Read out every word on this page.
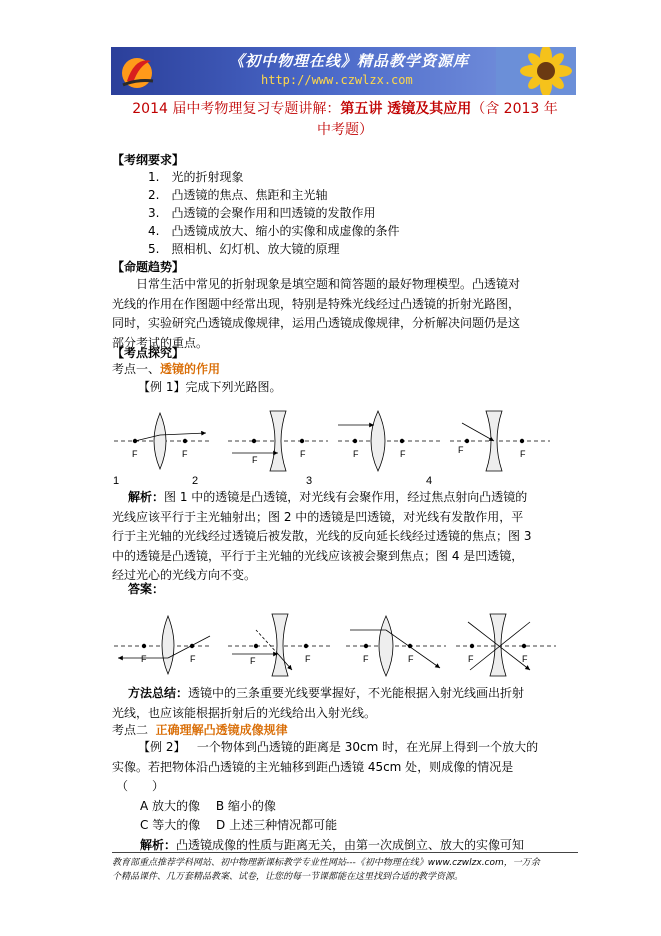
《初中物理在线》精品教学资源库
http://www.czwlzx.com
2014 届中考物理复习专题讲解：第五讲 透镜及其应用（含 2013 年
中考题）
【考纲要求】
1.　光的折射现象
2.　凸透镜的焦点、焦距和主光轴
3.　凸透镜的会聚作用和凹透镜的发散作用
4.　凸透镜成放大、缩小的实像和成虚像的条件
5.　照相机、幻灯机、放大镜的原理
【命题趋势】
日常生活中常见的折射现象是填空题和简答题的最好物理模型。凸透镜对
光线的作用在作图题中经常出现，特别是特殊光线经过凸透镜的折射光路图，
同时，实验研究凸透镜成像规律，运用凸透镜成像规律，分析解决问题仍是这
部分考试的重点。
【考点探究】
考点一、透镜的作用
【例 1】完成下列光路图。
F	F
F
F	F	F	F	F
1	2	3	4
解析：图 1 中的透镜是凸透镜，对光线有会聚作用，经过焦点射向凸透镜的
光线应该平行于主光轴射出；图 2 中的透镜是凹透镜，对光线有发散作用，平
行于主光轴的光线经过透镜后被发散，光线的反向延长线经过透镜的焦点；图 3
中的透镜是凸透镜，平行于主光轴的光线应该被会聚到焦点；图 4 是凹透镜，
经过光心的光线方向不变。
答案：
F	F	F	F	F	F	F	F
方法总结：透镜中的三条重要光线要掌握好，不光能根据入射光线画出折射
光线，也应该能根据折射后的光线给出入射光线。
考点二 正确理解凸透镜成像规律
【例 2】 一个物体到凸透镜的距离是 30cm 时，在光屏上得到一个放大的
实像。若把物体沿凸透镜的主光轴移到距凸透镜 45cm 处，则成像的情况是
（　　）
A 放大的像　 B 缩小的像
C 等大的像　 D 上述三种情况都可能
解析：凸透镜成像的性质与距离无关，由第一次成倒立、放大的实像可知
教育部重点推荐学科网站、初中物理新课标教学专业性网站---《初中物理在线》www.czwlzx.com，一万余
个精品课件、几万套精品教案、试卷，让您的每一节课都能在这里找到合适的教学资源。
